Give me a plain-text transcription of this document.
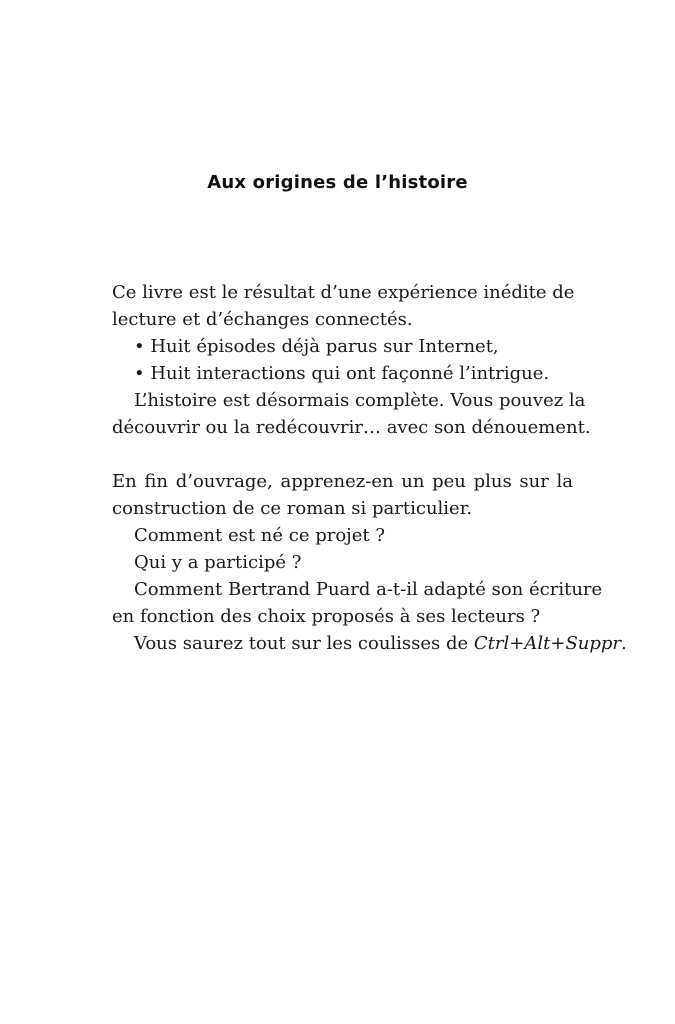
Aux origines de l’histoire

Ce livre est le résultat d’une expérience inédite de

lecture et d’échanges connectés.

• Huit épisodes déjà parus sur Internet,

• Huit interactions qui ont façonné l’intrigue.

L’histoire est désormais complète. Vous pouvez la

découvrir ou la redécouvrir… avec son dénouement.

En fin d’ouvrage, apprenez-en un peu plus sur la

construction de ce roman si particulier.

Comment est né ce projet ?

Qui y a participé ?

Comment Bertrand Puard a-t-il adapté son écriture

en fonction des choix proposés à ses lecteurs ?

Vous saurez tout sur les coulisses de Ctrl+Alt+Suppr.
